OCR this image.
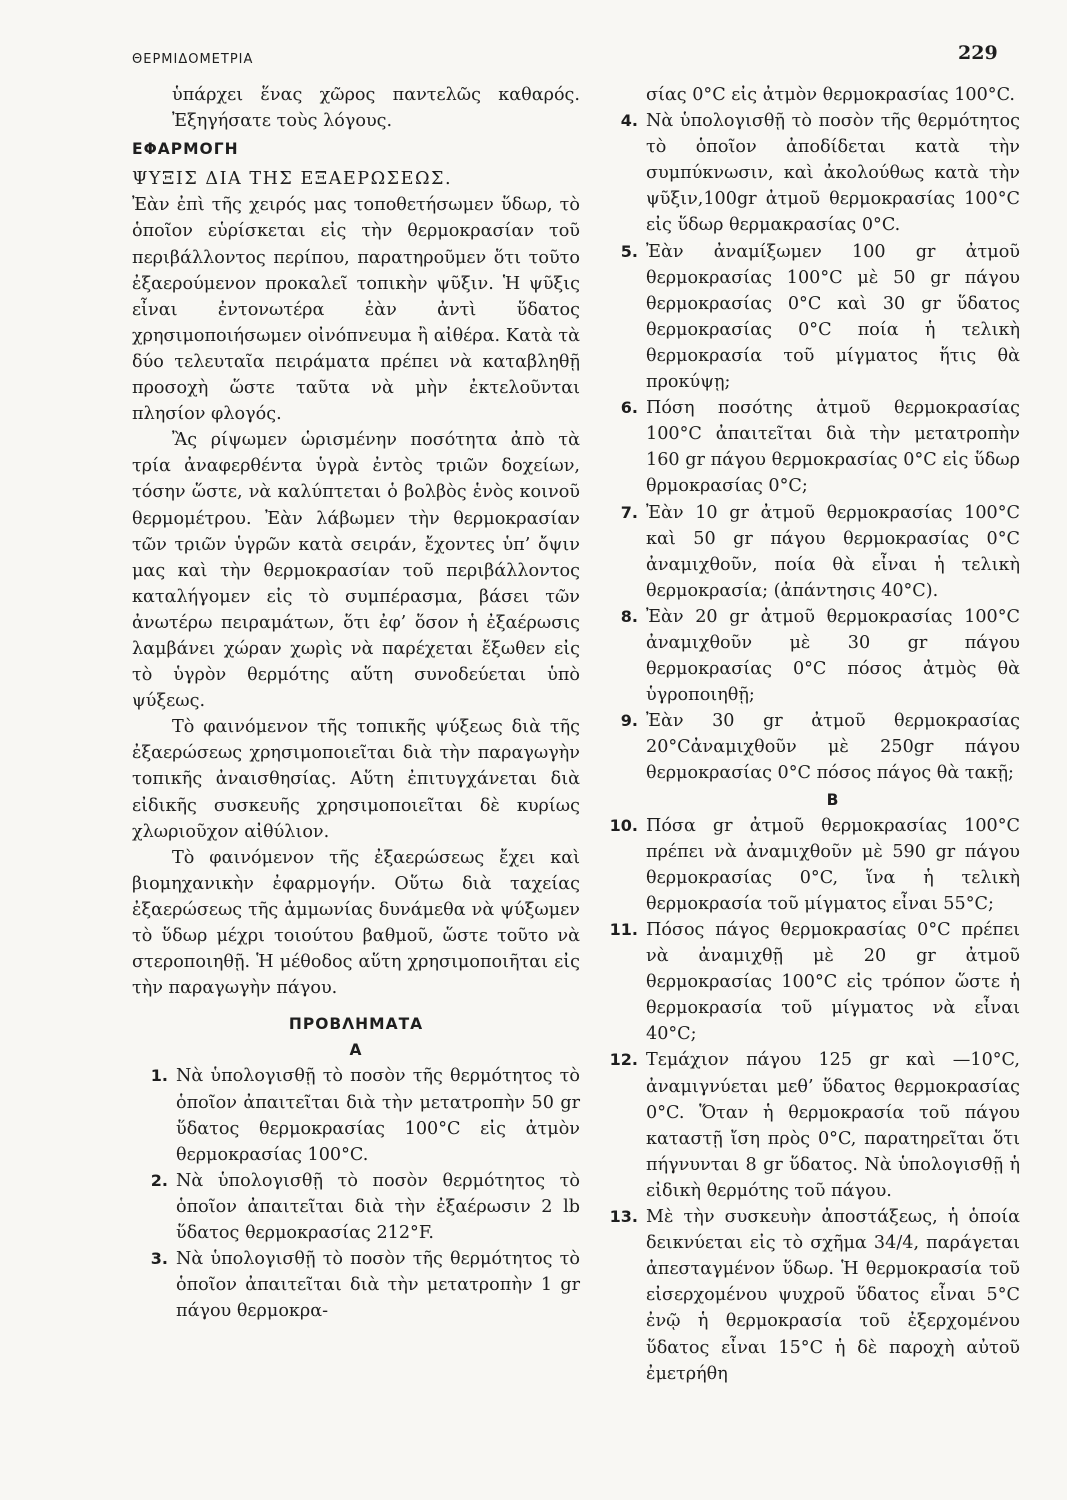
ΘΕΡΜΙΔΟΜΕΤΡΙΑ	229

ὑπάρχει ἕνας χῶρος παντελῶς καθαρός. Ἐξηγήσατε τοὺς λόγους.

ΕΦΑΡΜΟΓΗ

ΨΥΞΙΣ ΔΙΑ ΤΗΣ ΕΞΑΕΡΩΣΕΩΣ.

Ἐὰν ἐπὶ τῆς χειρός μας τοποθετήσωμεν ὕδωρ, τὸ ὁποῖον εὑρίσκεται εἰς τὴν θερμοκρασίαν τοῦ περιβάλλοντος περίπου, παρατηροῦμεν ὅτι τοῦτο ἐξαερούμενον προκαλεῖ τοπικὴν ψῦξιν. Ἡ ψῦξις εἶναι ἐντονωτέρα ἐὰν ἀντὶ ὕδατος χρησιμοποιήσωμεν οἰνόπνευμα ἢ αἰθέρα. Κατὰ τὰ δύο τελευταῖα πειράματα πρέπει νὰ καταβληθῇ προσοχὴ ὥστε ταῦτα νὰ μὴν ἐκτελοῦνται πλησίον φλογός.

Ἂς ρίψωμεν ὡρισμένην ποσότητα ἀπὸ τὰ τρία ἀναφερθέντα ὑγρὰ ἐντὸς τριῶν δοχείων, τόσην ὥστε, νὰ καλύπτεται ὁ βολβὸς ἑνὸς κοινοῦ θερμομέτρου. Ἐὰν λάβωμεν τὴν θερμοκρασίαν τῶν τριῶν ὑγρῶν κατὰ σειράν, ἔχοντες ὑπ’ ὄψιν μας καὶ τὴν θερμοκρασίαν τοῦ περιβάλλοντος καταλήγομεν εἰς τὸ συμπέρασμα, βάσει τῶν ἀνωτέρω πειραμάτων, ὅτι ἐφ’ ὅσον ἡ ἐξαέρωσις λαμβάνει χώραν χωρὶς νὰ παρέχεται ἔξωθεν εἰς τὸ ὑγρὸν θερμότης αὕτη συνοδεύεται ὑπὸ ψύξεως.

Τὸ φαινόμενον τῆς τοπικῆς ψύξεως διὰ τῆς ἐξαερώσεως χρησιμοποιεῖται διὰ τὴν παραγωγὴν τοπικῆς ἀναισθησίας. Αὕτη ἐπιτυγχάνεται διὰ εἰδικῆς συσκευῆς χρησιμοποιεῖται δὲ κυρίως χλωριοῦχον αἰθύλιον.

Τὸ φαινόμενον τῆς ἐξαερώσεως ἔχει καὶ βιομηχανικὴν ἐφαρμογήν. Οὕτω διὰ ταχείας ἐξαερώσεως τῆς ἀμμωνίας δυνάμεθα νὰ ψύξωμεν τὸ ὕδωρ μέχρι τοιούτου βαθμοῦ, ὥστε τοῦτο νὰ στεροποιηθῇ. Ἡ μέθοδος αὕτη χρησιμοποιῆται εἰς τὴν παραγωγὴν πάγου.

ΠΡΟΒΛΗΜΑΤΑ

Α

1. Νὰ ὑπολογισθῇ τὸ ποσὸν τῆς θερμότητος τὸ ὁποῖον ἀπαιτεῖται διὰ τὴν μετατροπὴν 50 gr ὕδατος θερμοκρασίας 100°C εἰς ἀτμὸν θερμοκρασίας 100°C.
2. Νὰ ὑπολογισθῇ τὸ ποσὸν θερμότητος τὸ ὁποῖον ἀπαιτεῖται διὰ τὴν ἐξαέρωσιν 2 lb ὕδατος θερμοκρασίας 212°F.
3. Νὰ ὑπολογισθῇ τὸ ποσὸν τῆς θερμότητος τὸ ὁποῖον ἀπαιτεῖται διὰ τὴν μετατροπὴν 1 gr πάγου θερμοκρα-

σίας 0°C εἰς ἀτμὸν θερμοκρασίας 100°C.

4. Νὰ ὑπολογισθῇ τὸ ποσὸν τῆς θερμότητος τὸ ὁποῖον ἀποδίδεται κατὰ τὴν συμπύκνωσιν, καὶ ἀκολούθως κατὰ τὴν ψῦξιν,100gr ἀτμοῦ θερμοκρασίας 100°C εἰς ὕδωρ θερμακρασίας 0°C.
5. Ἐὰν ἀναμίξωμεν 100 gr ἀτμοῦ θερμοκρασίας 100°C μὲ 50 gr πάγου θερμοκρασίας 0°C καὶ 30 gr ὕδατος θερμοκρασίας 0°C ποία ἡ τελικὴ θερμοκρασία τοῦ μίγματος ἥτις θὰ προκύψῃ;
6. Πόση ποσότης ἀτμοῦ θερμοκρασίας 100°C ἀπαιτεῖται διὰ τὴν μετατροπὴν 160 gr πάγου θερμοκρασίας 0°C εἰς ὕδωρ θρμοκρασίας 0°C;
7. Ἐὰν 10 gr ἀτμοῦ θερμοκρασίας 100°C καὶ 50 gr πάγου θερμοκρασίας 0°C ἀναμιχθοῦν, ποία θὰ εἶναι ἡ τελικὴ θερμοκρασία; (ἀπάντησις 40°C).
8. Ἐὰν 20 gr ἀτμοῦ θερμοκρασίας 100°C ἀναμιχθοῦν μὲ 30 gr πάγου θερμοκρασίας 0°C πόσος ἀτμὸς θὰ ὑγροποιηθῇ;
9. Ἐὰν 30 gr ἀτμοῦ θερμοκρασίας 20°Cἀναμιχθοῦν μὲ 250gr πάγου θερμοκρασίας 0°C πόσος πάγος θὰ τακῇ;

Β

10. Πόσα gr ἀτμοῦ θερμοκρασίας 100°C πρέπει νὰ ἀναμιχθοῦν μὲ 590 gr πάγου θερμοκρασίας 0°C, ἵνα ἡ τελικὴ θερμοκρασία τοῦ μίγματος εἶναι 55°C;
11. Πόσος πάγος θερμοκρασίας 0°C πρέπει νὰ ἀναμιχθῇ μὲ 20 gr ἀτμοῦ θερμοκρασίας 100°C εἰς τρόπον ὥστε ἡ θερμοκρασία τοῦ μίγματος νὰ εἶναι 40°C;
12. Τεμάχιον πάγου 125 gr καὶ —10°C, ἀναμιγνύεται μεθ’ ὕδατος θερμοκρασίας 0°C. Ὅταν ἡ θερμοκρασία τοῦ πάγου καταστῇ ἴση πρὸς 0°C, παρατηρεῖται ὅτι πήγνυνται 8 gr ὕδατος. Νὰ ὑπολογισθῇ ἡ εἰδικὴ θερμότης τοῦ πάγου.
13. Μὲ τὴν συσκευὴν ἀποστάξεως, ἡ ὁποία δεικνύεται εἰς τὸ σχῆμα 34/4, παράγεται ἀπεσταγμένον ὕδωρ. Ἡ θερμοκρασία τοῦ εἰσερχομένου ψυχροῦ ὕδατος εἶναι 5°C ἐνῷ ἡ θερμοκρασία τοῦ ἐξερχομένου ὕδατος εἶναι 15°C ἡ δὲ παροχὴ αὐτοῦ ἐμετρήθη
